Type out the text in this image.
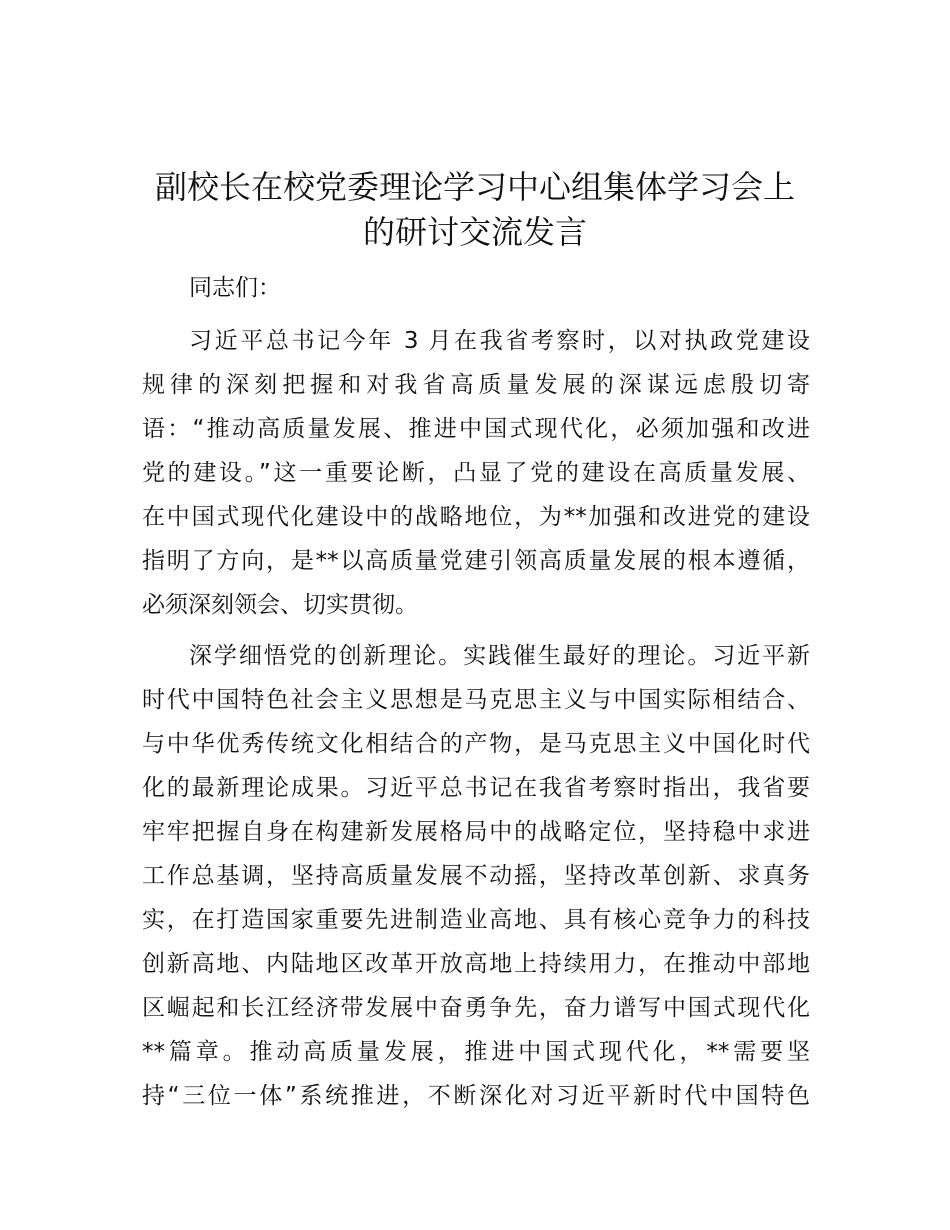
副校长在校党委理论学习中心组集体学习会上
的研讨交流发言
同志们：
习近平总书记今年 3 月在我省考察时，以对执政党建设
规律的深刻把握和对我省高质量发展的深谋远虑殷切寄
语：“推动高质量发展、推进中国式现代化，必须加强和改进
党的建设。”这一重要论断，凸显了党的建设在高质量发展、
在中国式现代化建设中的战略地位，为**加强和改进党的建设
指明了方向，是**以高质量党建引领高质量发展的根本遵循，
必须深刻领会、切实贯彻。
深学细悟党的创新理论。实践催生最好的理论。习近平新
时代中国特色社会主义思想是马克思主义与中国实际相结合、
与中华优秀传统文化相结合的产物，是马克思主义中国化时代
化的最新理论成果。习近平总书记在我省考察时指出，我省要
牢牢把握自身在构建新发展格局中的战略定位，坚持稳中求进
工作总基调，坚持高质量发展不动摇，坚持改革创新、求真务
实，在打造国家重要先进制造业高地、具有核心竞争力的科技
创新高地、内陆地区改革开放高地上持续用力，在推动中部地
区崛起和长江经济带发展中奋勇争先，奋力谱写中国式现代化
**篇章。推动高质量发展，推进中国式现代化，**需要坚
持“三位一体”系统推进，不断深化对习近平新时代中国特色
